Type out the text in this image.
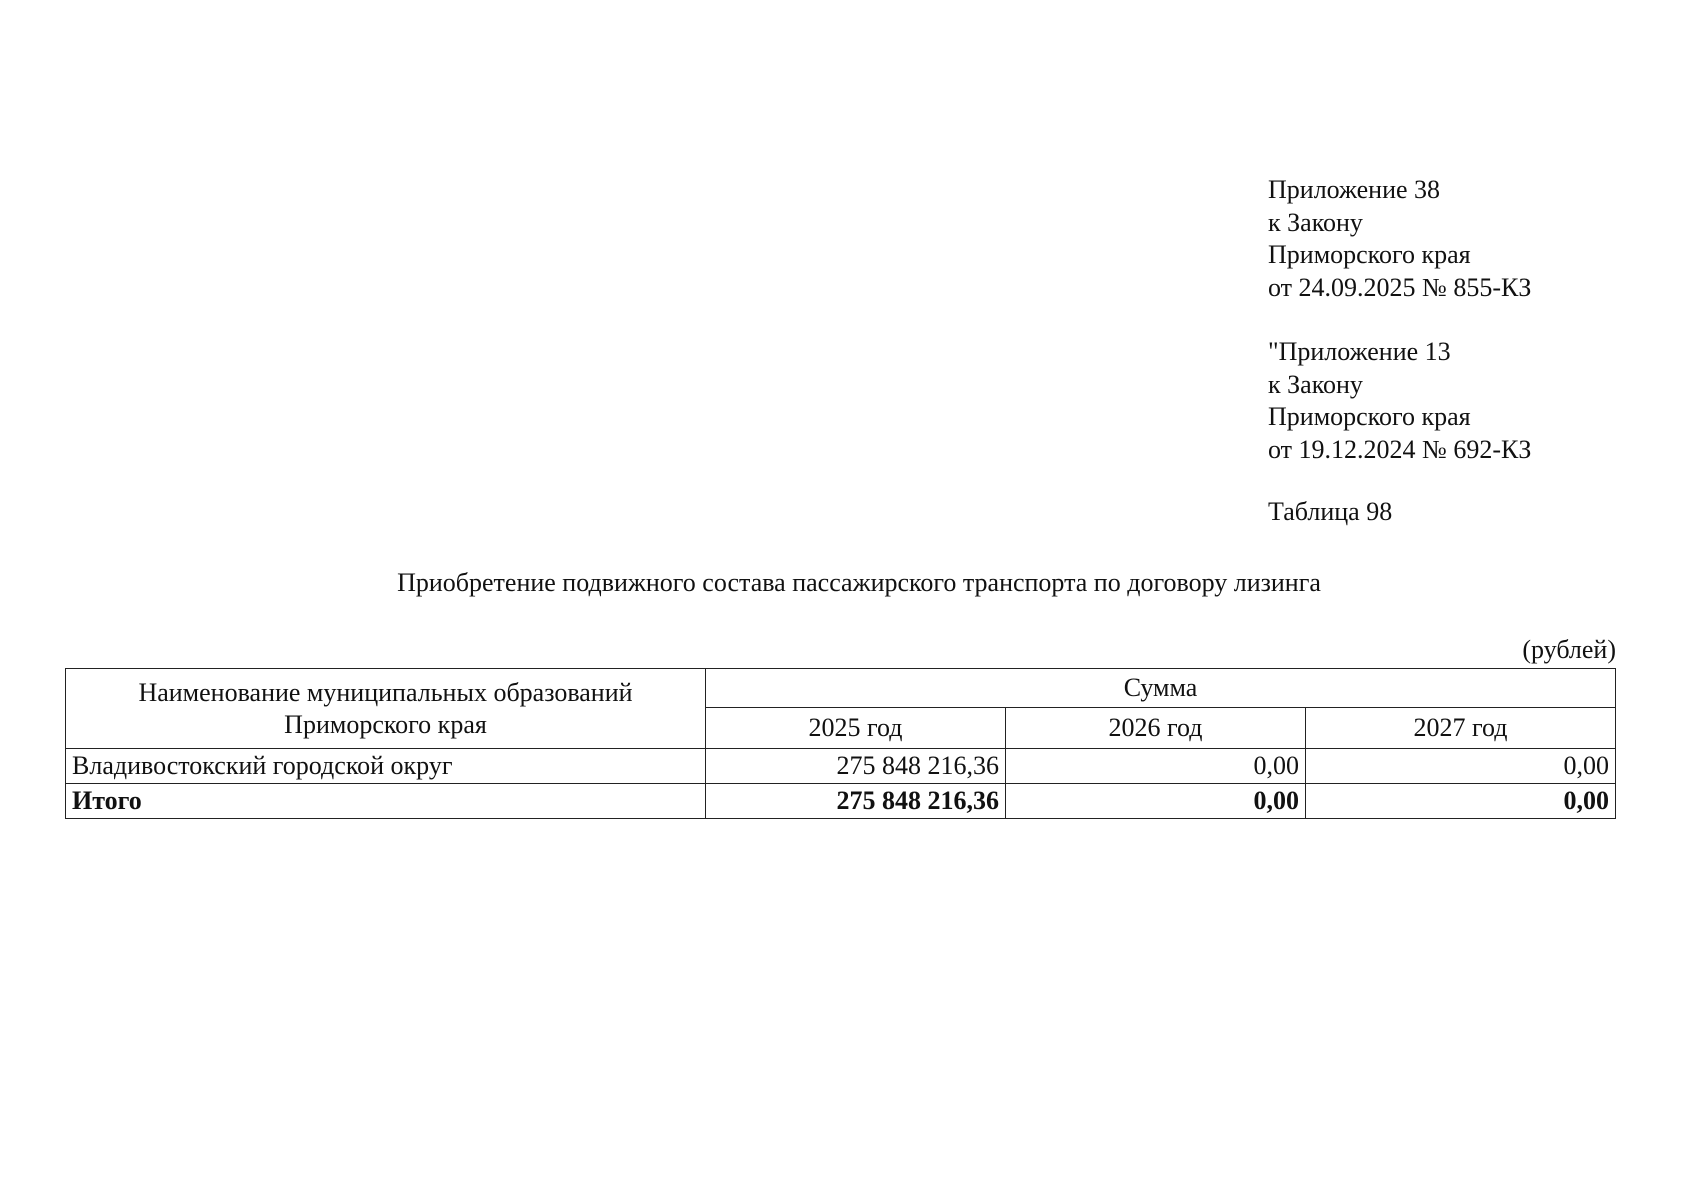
Приложение 38
к Закону
Приморского края
от 24.09.2025 № 855-КЗ
"Приложение 13
к Закону
Приморского края
от 19.12.2024 № 692-КЗ
Таблица 98
Приобретение подвижного состава пассажирского транспорта по договору лизинга
(рублей)
Наименование муниципальных образований
Приморского края	Сумма		
	2025 год	2026 год	2027 год
Владивостокский городской округ	275 848 216,36	0,00	0,00
Итого	275 848 216,36	0,00	0,00
